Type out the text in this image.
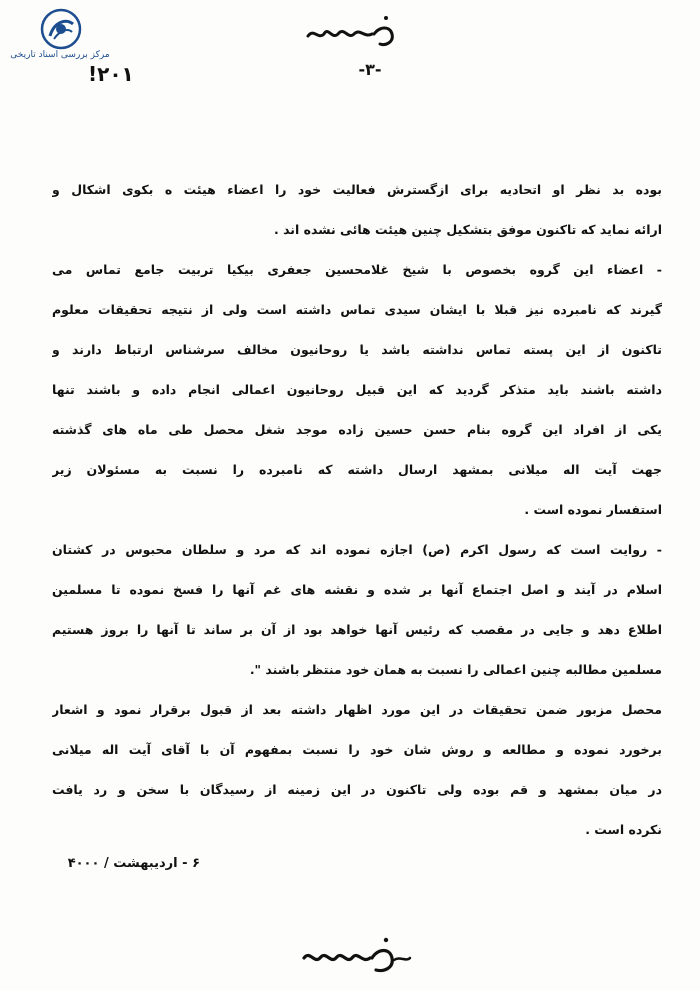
مرکز بررسی اسناد تاریخی
-۳-
۲۰۱!
بوده بد نظر او اتحادیه برای ازگسترش فعالیت خود را اعضاء هیئت ه بکوی اشکال و
ارائه نماید که تاکنون موفق بتشکیل چنین هیئت هائی نشده اند .
- اعضاء این گروه بخصوص با شیخ غلامحسین جعفری بیکیا تربیت جامع تماس می
گیرند که نامبرده نیز قبلا با ایشان سیدی تماس داشته است ولی از نتیجه تحقیقات معلوم
تاکنون از این پسته تماس نداشته باشد یا روحانیون مخالف سرشناس ارتباط دارند و
داشته باشند باید متذکر گردید که این قبیل روحانیون اعمالی انجام داده و باشند تنها
یکی از افراد این گروه بنام حسن حسین زاده موجد شغل محصل طی ماه های گذشته
جهت آیت اله میلانی بمشهد ارسال داشته که نامبرده را نسبت به مسئولان زیر
استفسار نموده است .
- روایت است که رسول اکرم (ص) اجازه نموده اند که مرد و سلطان محبوس در کشتان
اسلام در آیند و اصل اجتماع آنها بر شده و نقشه های غم آنها را فسخ نموده تا مسلمین
اطلاع دهد و جایی در مقصب که رئیس آنها خواهد بود از آن بر ساند تا آنها را بروز هستیم
مسلمین مطالبه چنین اعمالی را نسبت به همان خود منتظر باشند ".
محصل مزبور ضمن تحقیقات در این مورد اظهار داشته بعد از قبول برقرار نمود و اشعار
برخورد نموده و مطالعه و روش شان خود را نسبت بمفهوم آن با آقای آیت اله میلانی
در میان بمشهد و قم بوده ولی تاکنون در این زمینه از رسیدگان با سخن و رد یافت
نکرده است .
۶ - اردیبهشت / ۴۰۰۰
